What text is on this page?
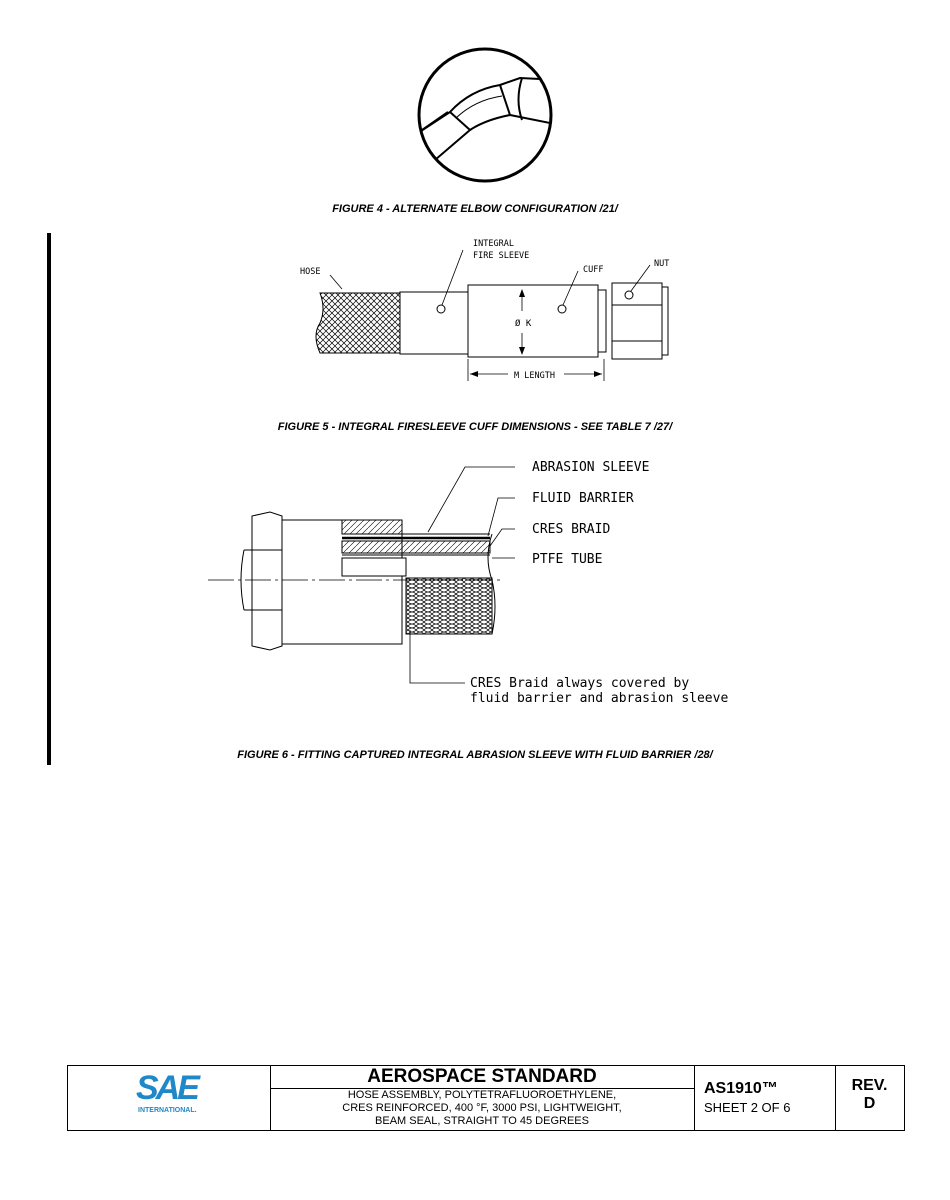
FIGURE 4 - ALTERNATE ELBOW CONFIGURATION /21/
HOSE
INTEGRAL
FIRE SLEEVE
CUFF
NUT
Ø K
M LENGTH
FIGURE 5 - INTEGRAL FIRESLEEVE CUFF DIMENSIONS - SEE TABLE 7 /27/
ABRASION SLEEVE
FLUID BARRIER
CRES BRAID
PTFE TUBE
CRES Braid always covered by
fluid barrier and abrasion sleeve
FIGURE 6 - FITTING CAPTURED INTEGRAL ABRASION SLEEVE WITH FLUID BARRIER /28/
SAE
INTERNATIONAL.
AEROSPACE STANDARD
HOSE ASSEMBLY, POLYTETRAFLUOROETHYLENE,
CRES REINFORCED, 400 °F, 3000 PSI, LIGHTWEIGHT,
BEAM SEAL, STRAIGHT TO 45 DEGREES
AS1910™
SHEET 2 OF 6
REV.
D
